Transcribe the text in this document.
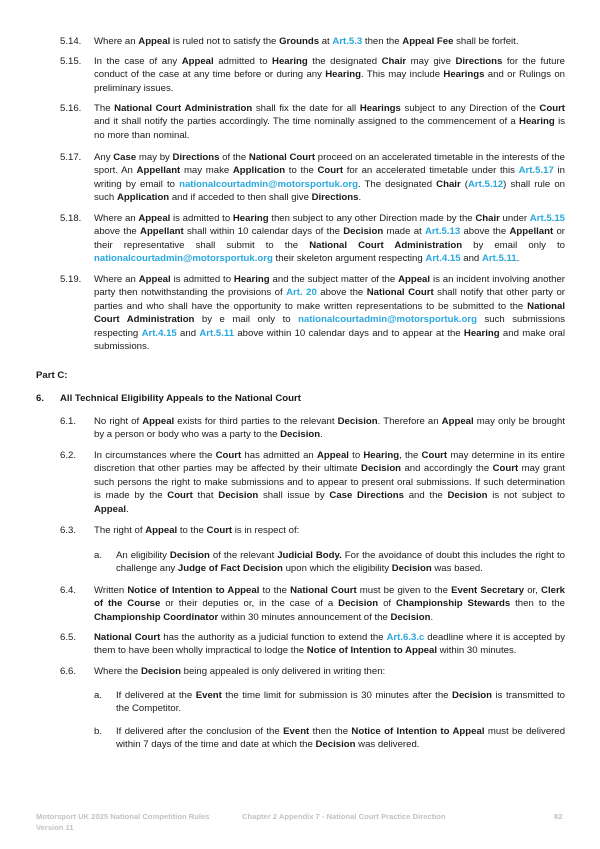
5.14.	Where an Appeal is ruled not to satisfy the Grounds at Art.5.3 then the Appeal Fee shall be forfeit.
5.15.	In the case of any Appeal admitted to Hearing the designated Chair may give Directions for the future conduct of the case at any time before or during any Hearing. This may include Hearings and or Rulings on preliminary issues.
5.16.	The National Court Administration shall fix the date for all Hearings subject to any Direction of the Court and it shall notify the parties accordingly. The time nominally assigned to the commencement of a Hearing is no more than nominal.
5.17.	Any Case may by Directions of the National Court proceed on an accelerated timetable in the interests of the sport. An Appellant may make Application to the Court for an accelerated timetable under this Art.5.17 in writing by email to nationalcourtadmin@motorsportuk.org. The designated Chair (Art.5.12) shall rule on such Application and if acceded to then shall give Directions.
5.18.	Where an Appeal is admitted to Hearing then subject to any other Direction made by the Chair under Art.5.15 above the Appellant shall within 10 calendar days of the Decision made at Art.5.13 above the Appellant or their representative shall submit to the National Court Administration by email only to nationalcourtadmin@motorsportuk.org their skeleton argument respecting Art.4.15 and Art.5.11.
5.19.	Where an Appeal is admitted to Hearing and the subject matter of the Appeal is an incident involving another party then notwithstanding the provisions of Art. 20 above the National Court shall notify that other party or parties and who shall have the opportunity to make written representations to be submitted to the National Court Administration by e mail only to nationalcourtadmin@motorsportuk.org such submissions respecting Art.4.15 and Art.5.11 above within 10 calendar days and to appear at the Hearing and make oral submissions.
Part C:
6. All Technical Eligibility Appeals to the National Court
6.1.	No right of Appeal exists for third parties to the relevant Decision. Therefore an Appeal may only be brought by a person or body who was a party to the Decision.
6.2.	In circumstances where the Court has admitted an Appeal to Hearing, the Court may determine in its entire discretion that other parties may be affected by their ultimate Decision and accordingly the Court may grant such persons the right to make submissions and to appear to present oral submissions. If such determination is made by the Court that Decision shall issue by Case Directions and the Decision is not subject to Appeal.
6.3.	The right of Appeal to the Court is in respect of:
a.	An eligibility Decision of the relevant Judicial Body. For the avoidance of doubt this includes the right to challenge any Judge of Fact Decision upon which the eligibility Decision was based.
6.4.	Written Notice of Intention to Appeal to the National Court must be given to the Event Secretary or, Clerk of the Course or their deputies or, in the case of a Decision of Championship Stewards then to the Championship Coordinator within 30 minutes announcement of the Decision.
6.5.	National Court has the authority as a judicial function to extend the Art.6.3.c deadline where it is accepted by them to have been wholly impractical to lodge the Notice of Intention to Appeal within 30 minutes.
6.6.	Where the Decision being appealed is only delivered in writing then:
a.	If delivered at the Event the time limit for submission is 30 minutes after the Decision is transmitted to the Competitor.
b.	If delivered after the conclusion of the Event then the Notice of Intention to Appeal must be delivered within 7 days of the time and date at which the Decision was delivered.
Motorsport UK 2025 National Competition Rules
Version 11
Chapter 2 Appendix 7 - National Court Practice Direction	82
